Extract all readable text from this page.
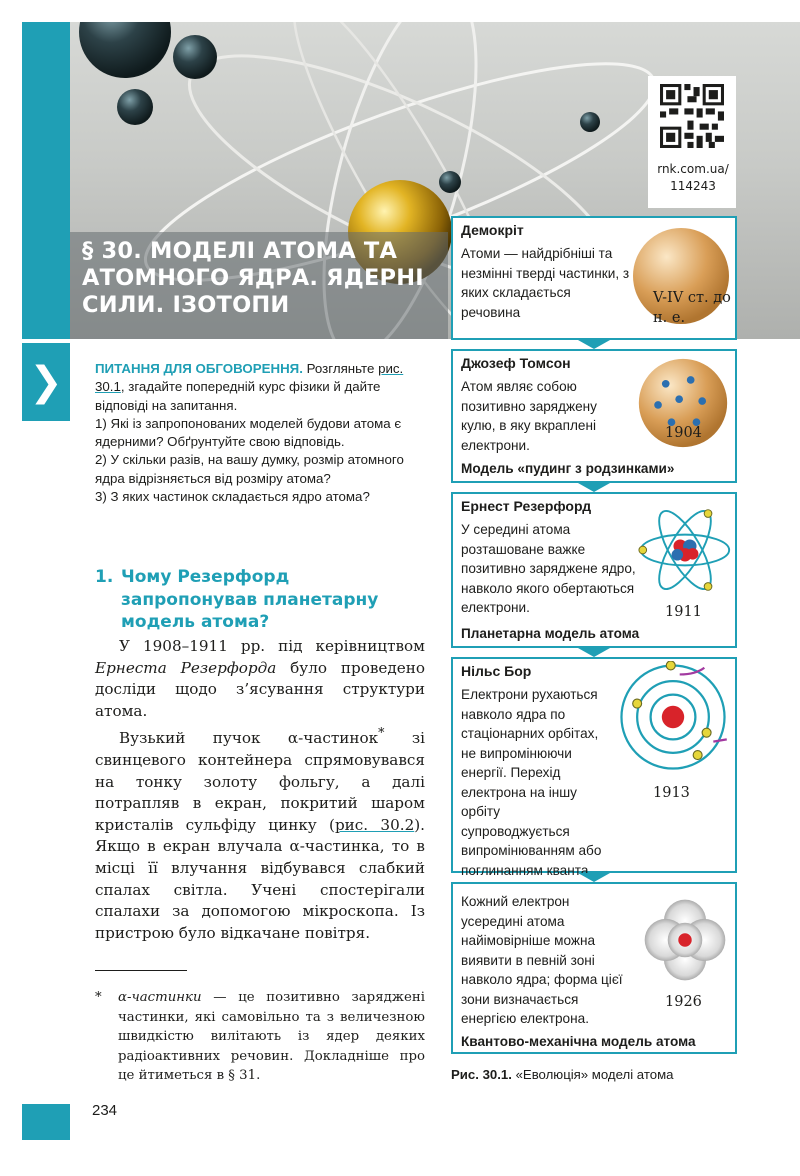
❯
§ 30. МОДЕЛІ АТОМА ТА АТОМНОГО ЯДРА. ЯДЕРНІ СИЛИ. ІЗОТОПИ
rnk.com.ua/ 114243
ПИТАННЯ ДЛЯ ОБГОВОРЕННЯ. Розгляньте рис. 30.1, згадайте попередній курс фізики й дайте відповіді на запитання.
1) Які із запропонованих моделей будови атома є ядерними? Обґрунтуйте свою відповідь.
2) У скільки разів, на вашу думку, розмір атомного ядра відрізняється від розміру атома?
3) З яких частинок складається ядро атома?
1. Чому Резерфорд запропонував планетарну модель атома?

У 1908–1911 рр. під керівництвом Ернеста Резерфорда було проведено досліди щодо з’ясування структури атома.

Вузький пучок α-частинок* зі свинцевого контейнера спрямовувався на тонку золоту фольгу, а далі потрапляв в екран, покритий шаром кристалів сульфіду цинку (рис. 30.2). Якщо в екран влучала α-частинка, то в місці її влучання відбувався слабкий спалах світла. Учені спостерігали спалахи за допомогою мікроскопа. Із пристрою було відкачане повітря.

* α-частинки — це позитивно заряджені частинки, які самовільно та з величезною швидкістю вилітають із ядер деяких радіоактивних речовин. Докладніше про це йтиметься в § 31.
234
Демокріт
Атоми — найдрібніші та незмінні тверді частинки, з яких складається речовина
V-IV ст. до н. е.
Джозеф Томсон
Атом являє собою позитивно заряджену кулю, в яку вкраплені електрони.
1904
Модель «пудинг з родзинками»
Ернест Резерфорд
У середині атома розташоване важке позитивно заряджене ядро, навколо якого обертаються електрони.	1911
Планетарна модель атома
Нільс Бор
Електрони рухаються навколо ядра по стаціонарних орбітах, не випромінюючи енергії. Перехід електрона на іншу орбіту супроводжується випромінюванням або поглинанням кванта
1913
Кожний електрон усередині атома найімовірніше можна виявити в певній зоні навколо ядра; форма цієї зони визначається енергією електрона.
1926
Квантово-механічна модель атома
Рис. 30.1. «Еволюція» моделі атома
